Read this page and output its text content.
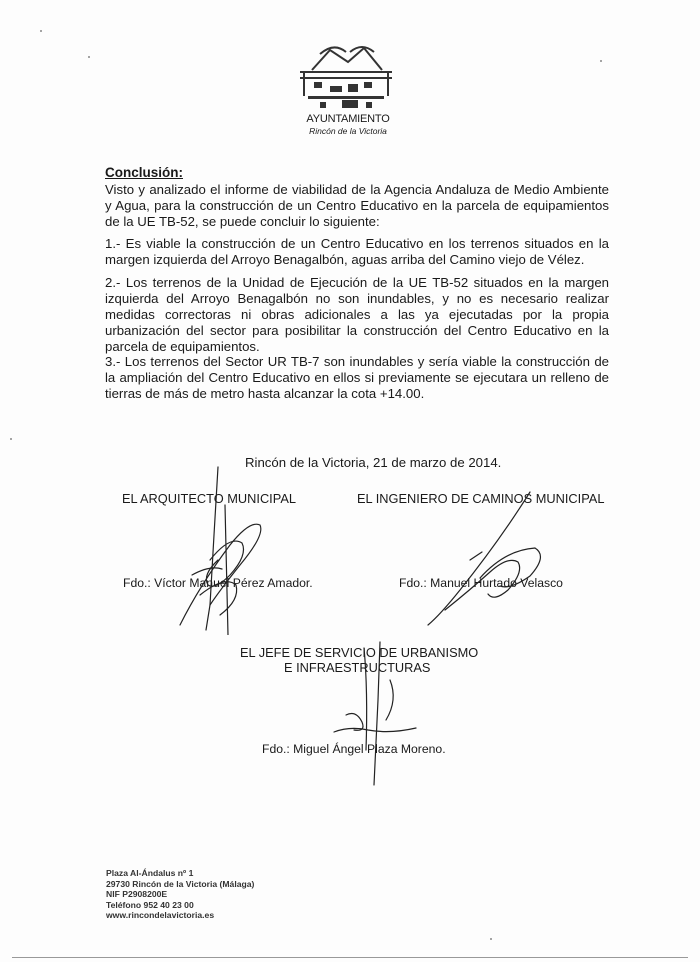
AYUNTAMIENTO
Rincón de la Victoria
Conclusión:
Visto y analizado el informe de viabilidad de la Agencia Andaluza de Medio Ambiente y Agua, para la construcción de un Centro Educativo en la parcela de equipamientos de la UE TB-52, se puede concluir lo siguiente:
1.- Es viable la construcción de un Centro Educativo en los terrenos situados en la margen izquierda del Arroyo Benagalbón, aguas arriba del Camino viejo de Vélez.
2.- Los terrenos de la Unidad de Ejecución de la UE TB-52 situados en la margen izquierda del Arroyo Benagalbón no son inundables, y no es necesario realizar medidas correctoras ni obras adicionales a las ya ejecutadas por la propia urbanización del sector para posibilitar la construcción del Centro Educativo en la parcela de equipamientos.
3.- Los terrenos del Sector UR TB-7 son inundables y sería viable la construcción de la ampliación del Centro Educativo en ellos si previamente se ejecutara un relleno de tierras de más de metro hasta alcanzar la cota +14.00.
Rincón de la Victoria, 21 de marzo de 2014.
EL ARQUITECTO MUNICIPAL	EL INGENIERO DE CAMINOS MUNICIPAL
Fdo.: Víctor Manuel Pérez Amador.	Fdo.: Manuel Hurtado Velasco
EL JEFE DE SERVICIO DE URBANISMO
E INFRAESTRUCTURAS
Fdo.: Miguel Ángel Plaza Moreno.
Plaza Al-Ándalus nº 1
29730 Rincón de la Victoria (Málaga)
NIF P2908200E
Teléfono 952 40 23 00
www.rincondelavictoria.es
